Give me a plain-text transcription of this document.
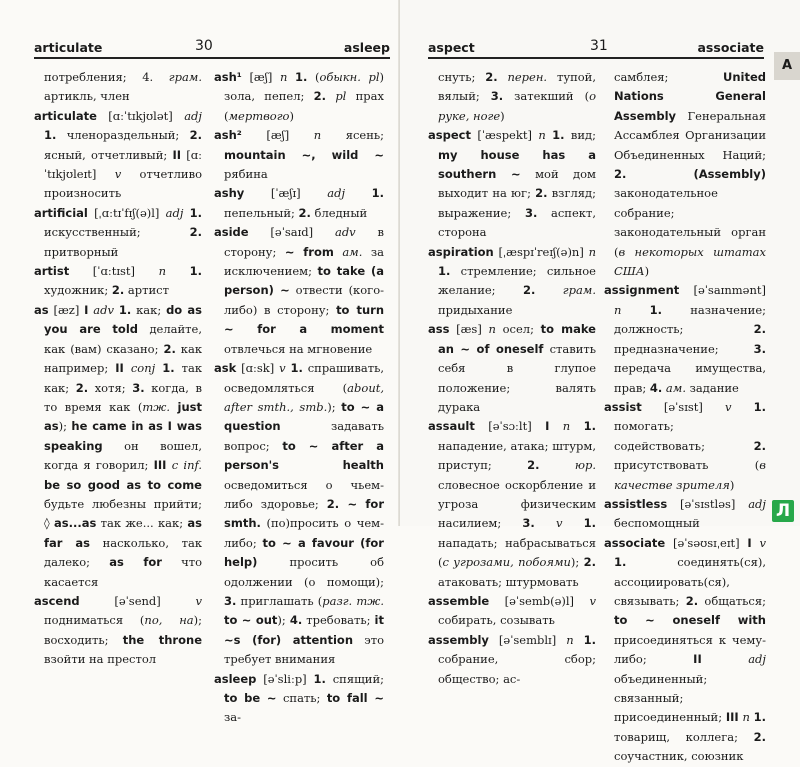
articulate	30	asleep

потребления; 4. грам. артикль, член

articulate [ɑːˈtɪkjʊlət] adj 1. членораздельный; 2. ясный, отчетливый; II [ɑːˈtɪkjʊleɪt] v отчетливо произносить

artificial [ˌɑːtɪˈfɪʃ(ə)l] adj 1. искусственный; 2. притворный

artist [ˈɑːtɪst] n 1. художник; 2. артист

as [æz] I adv 1. как; do as you are told делайте, как (вам) сказано; 2. как например; II conj 1. так как; 2. хотя; 3. когда, в то время как (тж. just as); he came in as I was speaking он вошел, когда я говорил; III c inf. be so good as to come будьте любезны прийти; ◊ as...as так же... как; as far as насколько, так далеко; as for что касается

ascend [əˈsend] v подниматься (по, на); восходить; the throne взойти на престол

ash¹ [æʃ] n 1. (обыкн. pl) зола, пепел; 2. pl прах (мертвого)

ash² [æʃ] n ясень; mountain ~, wild ~ рябина

ashy [ˈæʃɪ] adj 1. пепельный; 2. бледный

aside [əˈsaɪd] adv в сторону; ~ from ам. за исключением; to take (a person) ~ отвести (кого-либо) в сторону; to turn ~ for a moment отвлечься на мгновение

ask [ɑːsk] v 1. спрашивать, осведомляться (about, after smth., smb.); to ~ a question задавать вопрос; to ~ after a person's health осведомиться о чьем-либо здоровье; 2. ~ for smth. (по)просить о чем-либо; to ~ a favour (for help) просить об одолжении (о помощи); 3. приглашать (разг. тж. to ~ out); 4. требовать; it ~s (for) attention это требует внимания

asleep [əˈsliːp] 1. спящий; to be ~ спать; to fall ~ за-

aspect	31	associate
A

снуть; 2. перен. тупой, вялый; 3. затекший (о руке, ноге)

aspect [ˈæspekt] n 1. вид; my house has a southern ~ мой дом выходит на юг; 2. взгляд; выражение; 3. аспект, сторона

aspiration [ˌæspɪˈreɪʃ(ə)n] n 1. стремление; сильное желание; 2. грам. придыхание

ass [æs] n осел; to make an ~ of oneself ставить себя в глупое положение; валять дурака

assault [əˈsɔːlt] I n 1. нападение, атака; штурм, приступ; 2.	юр. словесное оскорбление и угроза физическим насилием; 3. v 1. нападать; набрасываться (с угрозами, побоями); 2. атаковать; штурмовать

assemble [əˈsemb(ə)l] v собирать, созывать

assembly [əˈsemblɪ] n 1. собрание, сбор; общество; ас-

самблея; United Nations General Assembly Генеральная Ассамблея Организации Объединенных Наций; 2.	(Assembly) законодательное собрание; законодательный орган (в некоторых штатах США)

assignment [əˈsaɪnmənt] n 1. назначение; должность; 2. предназначение; 3. передача имущества, прав; 4. ам. задание

assist [əˈsɪst] v 1. помогать; содействовать; 2. присутствовать (в качестве зрителя)

assistless [əˈsɪstləs] adj беспомощный

associate [əˈsəʊsɪˌeɪt] I v 1. соединять(ся), ассоциировать(ся), связывать; 2. общаться; to ~ oneself with присоединяться к чему-либо; II	adj объединенный; связанный; присоединенный; III n 1. товарищ, коллега; 2. соучастник, союзник

Л
